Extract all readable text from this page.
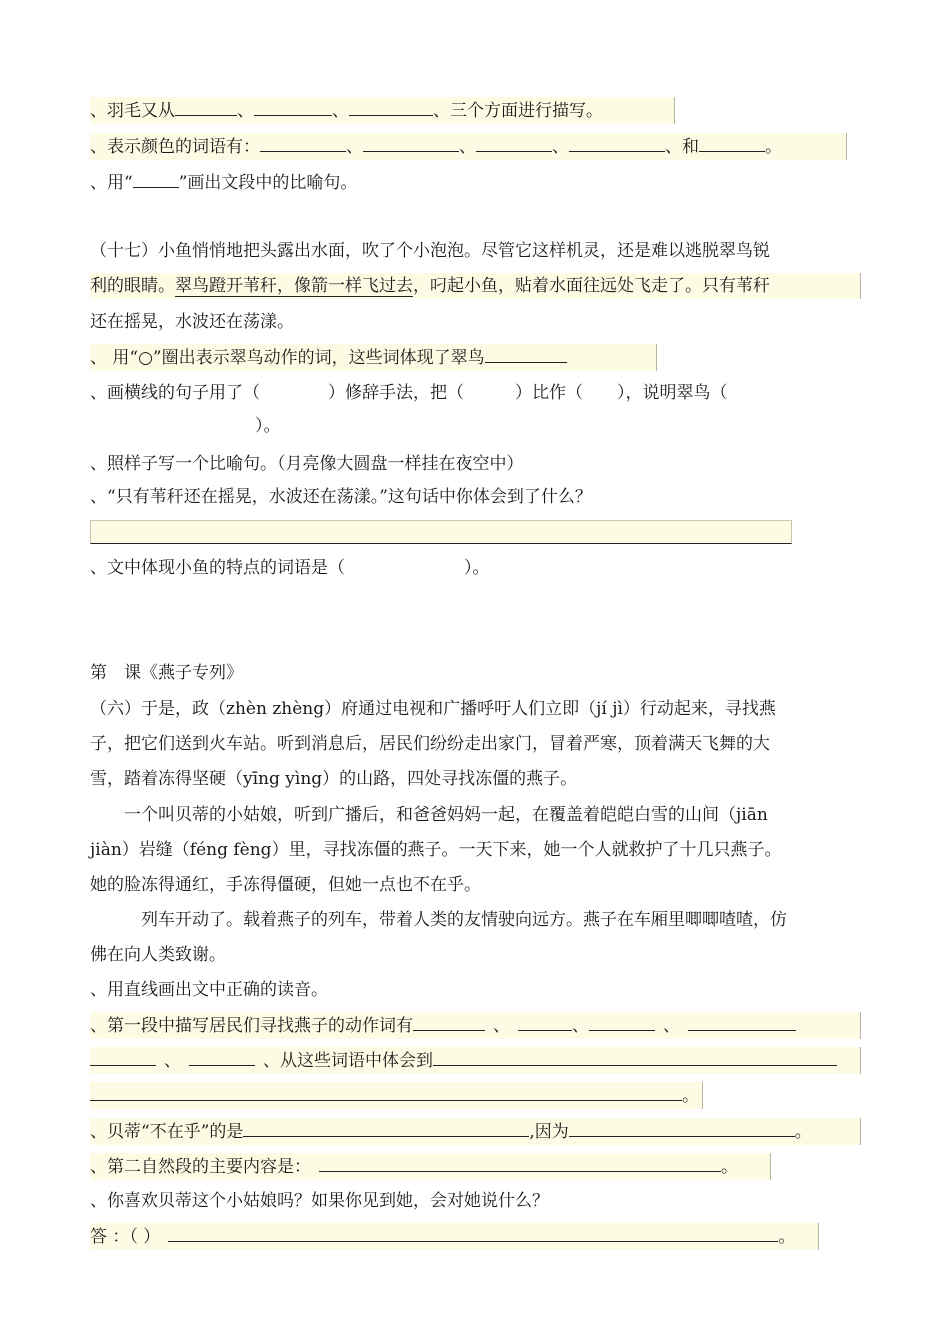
、羽毛又从	、	、	、三个方面进行描写。
、表示颜色的词语有：	、	、	、	、和	。
、用“	”画出文段中的比喻句。
（十七）小鱼悄悄地把头露出水面，吹了个小泡泡。尽管它这样机灵，还是难以逃脱翠鸟锐
利的眼睛。翠鸟蹬开苇秆，像箭一样飞过去，叼起小鱼，贴着水面往远处飞走了。只有苇秆
还在摇晃，水波还在荡漾。
、 用“○”圈出表示翠鸟动作的词，这些词体现了翠鸟
、画横线的句子用了（　　　　）修辞手法，把（　　　）比作（　　），说明翠鸟（
）。
、照样子写一个比喻句。（月亮像大圆盘一样挂在夜空中）
、“只有苇秆还在摇晃，水波还在荡漾。”这句话中你体会到了什么？
、文中体现小鱼的特点的词语是（　　　　　　　）。
第　课《燕子专列》
（六）于是，政（zhèn zhèng）府通过电视和广播呼吁人们立即（jí jì）行动起来，寻找燕
子，把它们送到火车站。听到消息后，居民们纷纷走出家门，冒着严寒，顶着满天飞舞的大
雪，踏着冻得坚硬（yīng yìng）的山路，四处寻找冻僵的燕子。
　　一个叫贝蒂的小姑娘，听到广播后，和爸爸妈妈一起，在覆盖着皑皑白雪的山间（jiān
jiàn）岩缝（féng fèng）里，寻找冻僵的燕子。一天下来，她一个人就救护了十几只燕子。
她的脸冻得通红，手冻得僵硬，但她一点也不在乎。
　　　列车开动了。载着燕子的列车，带着人类的友情驶向远方。燕子在车厢里唧唧喳喳，仿
佛在向人类致谢。
、用直线画出文中正确的读音。
、第一段中描写居民们寻找燕子的动作词有	、	、	、
、	、从这些词语中体会到
。
、贝蒂“不在乎”的是	,因为	。
、第二自然段的主要内容是：	。
、你喜欢贝蒂这个小姑娘吗？如果你见到她，会对她说什么？
答 ：（ ）	。
